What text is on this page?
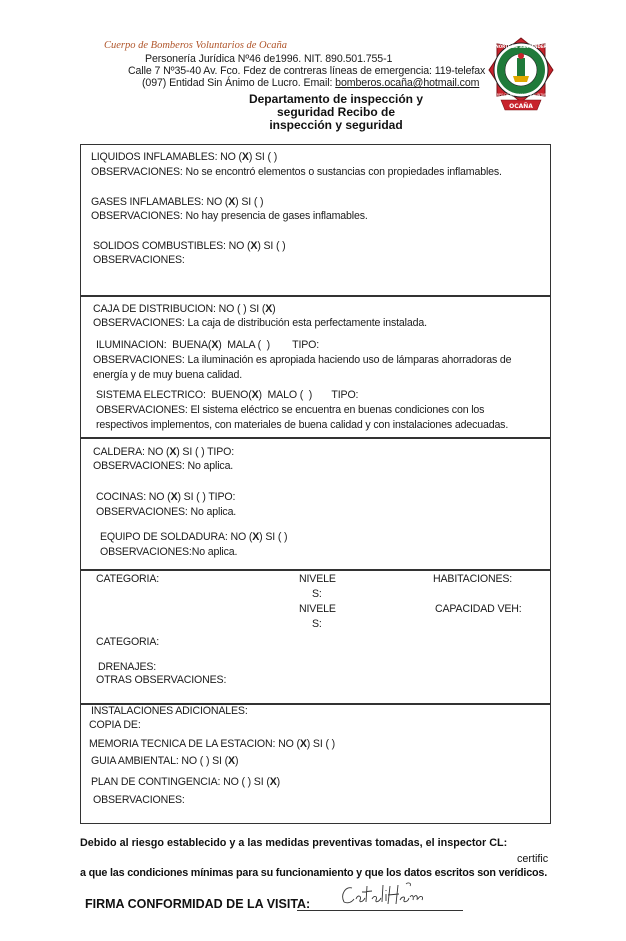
Cuerpo de Bomberos Voluntarios de Ocaña
Personería Jurídica Nº46 de1996. NIT. 890.501.755-1
Calle 7 Nº35-40 Av. Fco. Fdez de contreras líneas de emergencia: 119-telefax
(097) Entidad Sin Ánimo de Lucro. Email: bomberos.ocaña@hotmail.com
Departamento de inspección y
seguridad Recibo de
inspección y seguridad
NORTE DE SANTANDER
CUERPO DE BOMBEROS VOLUNTARIOS
OCAÑA
LIQUIDOS INFLAMABLES: NO (X) SI ( )
OBSERVACIONES: No se encontró elementos o sustancias con propiedades inflamables.
GASES INFLAMABLES: NO (X) SI ( )
OBSERVACIONES: No hay presencia de gases inflamables.
SOLIDOS COMBUSTIBLES: NO (X) SI ( )
OBSERVACIONES:
CAJA DE DISTRIBUCION: NO ( ) SI (X)
OBSERVACIONES: La caja de distribución esta perfectamente instalada.
ILUMINACION:  BUENA(X)  MALA (  )        TIPO:
OBSERVACIONES: La iluminación es apropiada haciendo uso de lámparas ahorradoras de
energía y de muy buena calidad.
SISTEMA ELECTRICO:  BUENO(X)  MALO (  )       TIPO:
OBSERVACIONES: El sistema eléctrico se encuentra en buenas condiciones con los
respectivos implementos, con materiales de buena calidad y con instalaciones adecuadas.
CALDERA: NO (X) SI ( ) TIPO:
OBSERVACIONES: No aplica.
COCINAS: NO (X) SI ( ) TIPO:
OBSERVACIONES: No aplica.
EQUIPO DE SOLDADURA: NO (X) SI ( )
OBSERVACIONES:No aplica.
CATEGORIA:	NIVELE
S:
HABITACIONES:
NIVELE
S:
CAPACIDAD VEH:
CATEGORIA:
DRENAJES:
OTRAS OBSERVACIONES:
INSTALACIONES ADICIONALES:
COPIA DE:
MEMORIA TECNICA DE LA ESTACION: NO (X) SI ( )
GUIA AMBIENTAL: NO ( ) SI (X)
PLAN DE CONTINGENCIA: NO ( ) SI (X)
OBSERVACIONES:
Debido al riesgo establecido y a las medidas preventivas tomadas, el inspector CL:
certific
a que las condiciones mínimas para su funcionamiento y que los datos escritos son verídicos.
FIRMA CONFORMIDAD DE LA VISITA:
